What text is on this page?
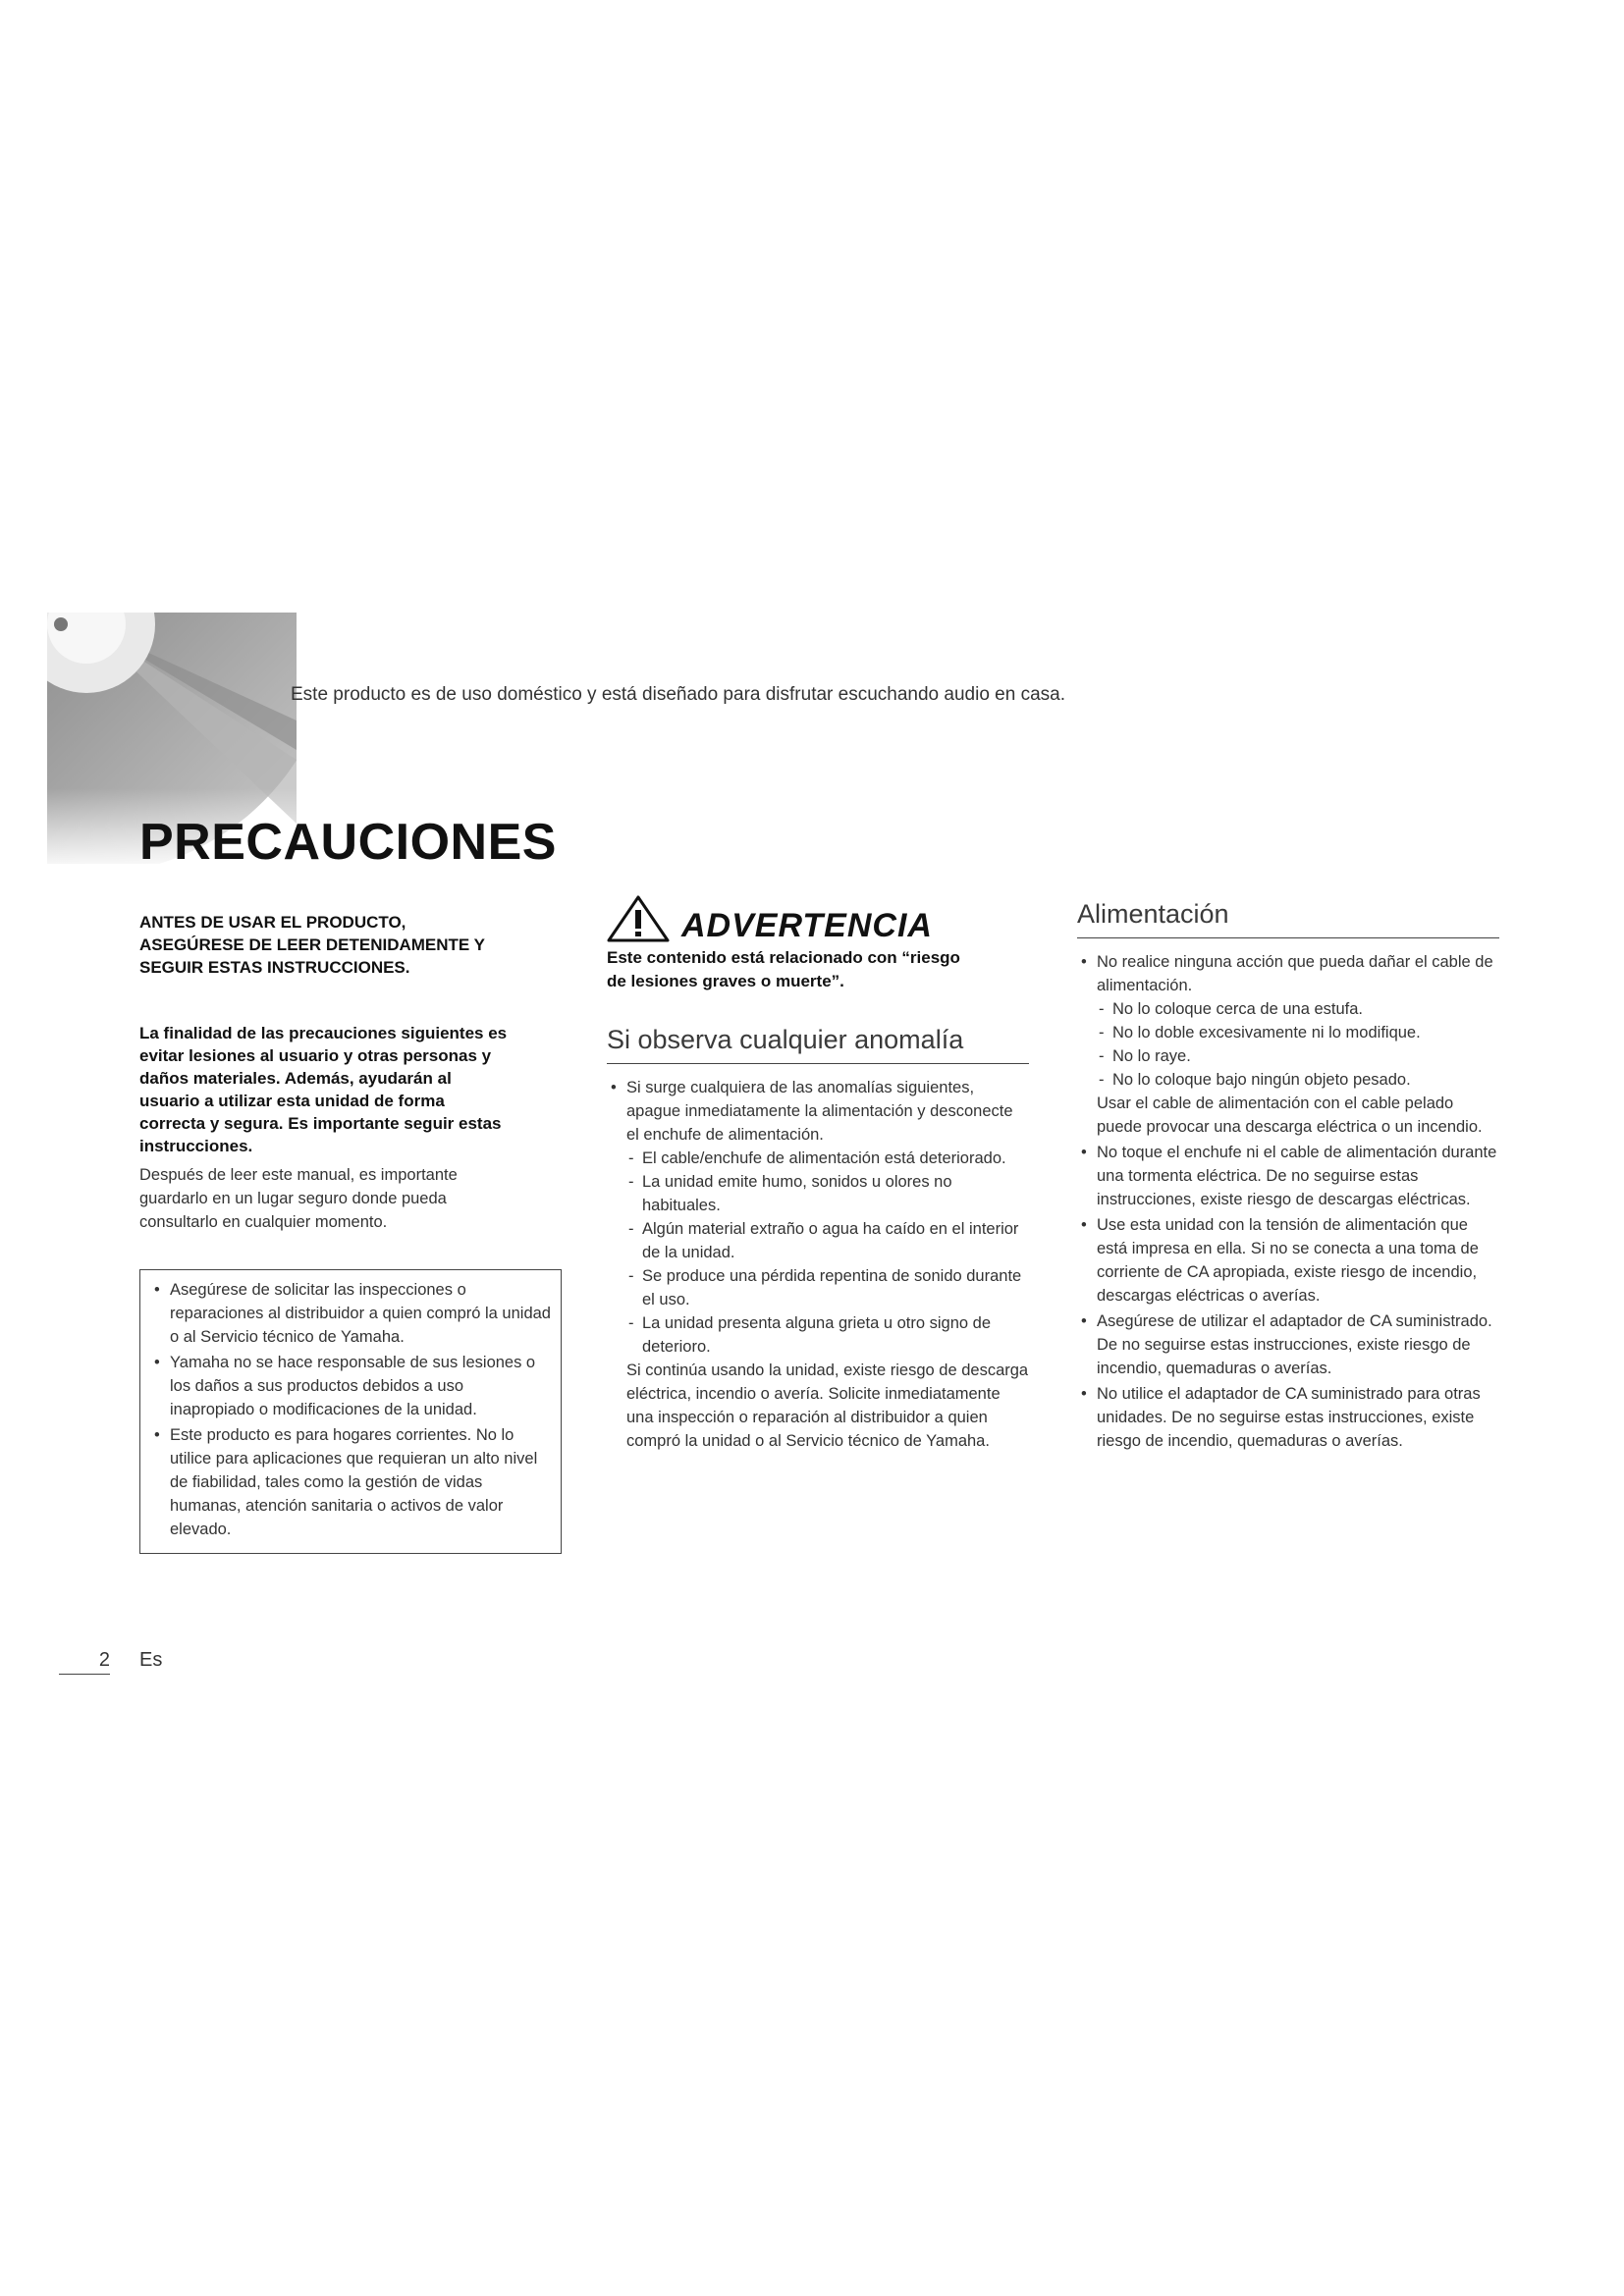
Este producto es de uso doméstico y está diseñado para disfrutar escuchando audio en casa.
PRECAUCIONES

ANTES DE USAR EL PRODUCTO,
ASEGÚRESE DE LEER DETENIDAMENTE Y
SEGUIR ESTAS INSTRUCCIONES.

La finalidad de las precauciones siguientes es
evitar lesiones al usuario y otras personas y
daños materiales. Además, ayudarán al
usuario a utilizar esta unidad de forma
correcta y segura. Es importante seguir estas
instrucciones.

Después de leer este manual, es importante
guardarlo en un lugar seguro donde pueda
consultarlo en cualquier momento.

• Asegúrese de solicitar las inspecciones o reparaciones al distribuidor a quien compró la unidad o al Servicio técnico de Yamaha.
• Yamaha no se hace responsable de sus lesiones o los daños a sus productos debidos a uso inapropiado o modificaciones de la unidad.
• Este producto es para hogares corrientes. No lo utilice para aplicaciones que requieran un alto nivel de fiabilidad, tales como la gestión de vidas humanas, atención sanitaria o activos de valor elevado.
ADVERTENCIA

Este contenido está relacionado con “riesgo
de lesiones graves o muerte”.

Si observa cualquier anomalía
• Si surge cualquiera de las anomalías siguientes, apague inmediatamente la alimentación y desconecte el enchufe de alimentación.
- El cable/enchufe de alimentación está deteriorado.
- La unidad emite humo, sonidos u olores no habituales.
- Algún material extraño o agua ha caído en el interior de la unidad.
- Se produce una pérdida repentina de sonido durante el uso.
- La unidad presenta alguna grieta u otro signo de deterioro.

Si continúa usando la unidad, existe riesgo de descarga eléctrica, incendio o avería. Solicite inmediatamente una inspección o reparación al distribuidor a quien compró la unidad o al Servicio técnico de Yamaha.

Alimentación
• No realice ninguna acción que pueda dañar el cable de alimentación.
- No lo coloque cerca de una estufa.
- No lo doble excesivamente ni lo modifique.
- No lo raye.
- No lo coloque bajo ningún objeto pesado.

Usar el cable de alimentación con el cable pelado puede provocar una descarga eléctrica o un incendio.

• No toque el enchufe ni el cable de alimentación durante una tormenta eléctrica. De no seguirse estas instrucciones, existe riesgo de descargas eléctricas.
• Use esta unidad con la tensión de alimentación que está impresa en ella. Si no se conecta a una toma de corriente de CA apropiada, existe riesgo de incendio, descargas eléctricas o averías.
• Asegúrese de utilizar el adaptador de CA suministrado. De no seguirse estas instrucciones, existe riesgo de incendio, quemaduras o averías.
• No utilice el adaptador de CA suministrado para otras unidades. De no seguirse estas instrucciones, existe riesgo de incendio, quemaduras o averías.
2 Es
